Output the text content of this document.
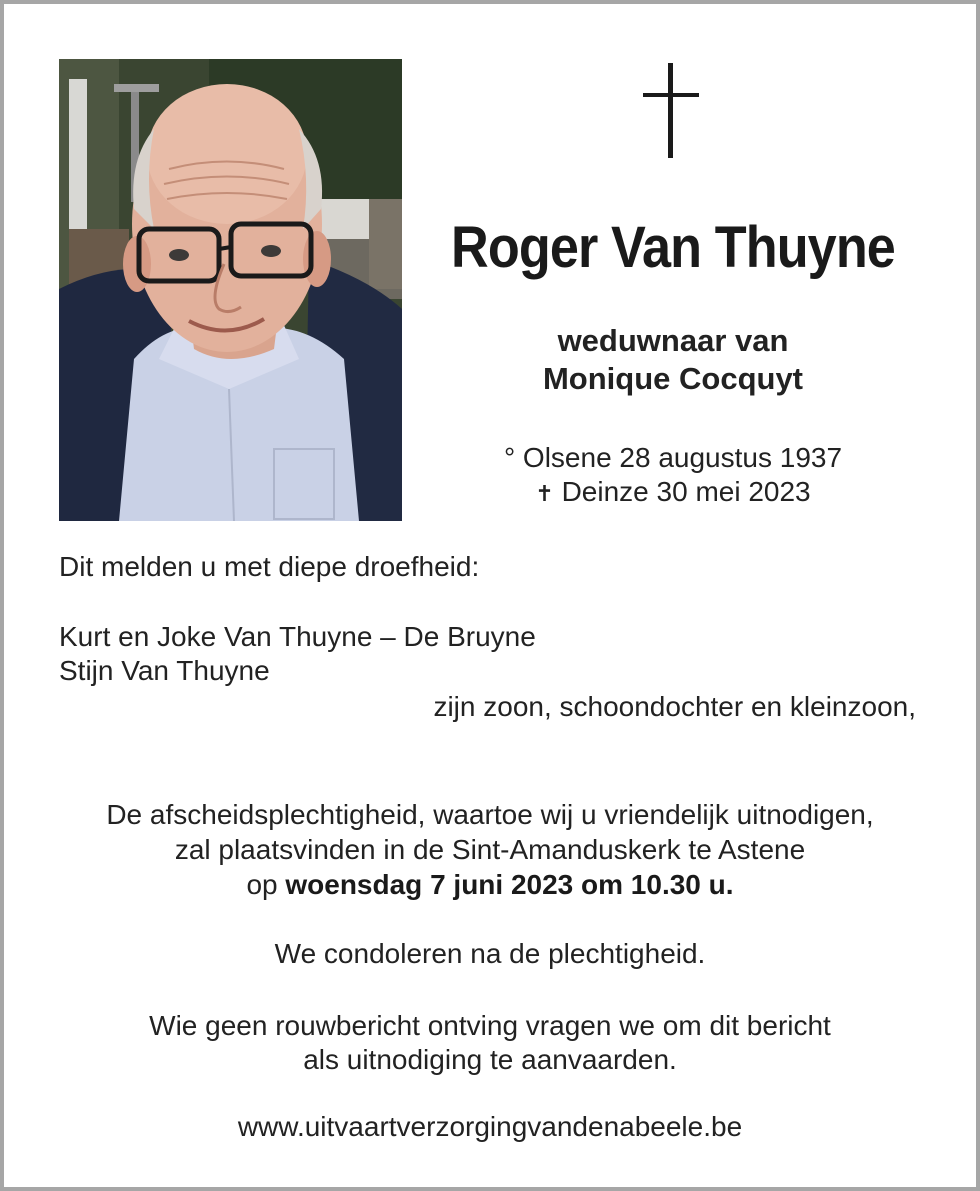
Roger Van Thuyne
weduwnaar van
Monique Cocquyt
° Olsene 28 augustus 1937
✝ Deinze 30 mei 2023
Dit melden u met diepe droefheid:
Kurt en Joke Van Thuyne – De Bruyne
Stijn Van Thuyne
zijn zoon, schoondochter en kleinzoon,
De afscheidsplechtigheid, waartoe wij u vriendelijk uitnodigen,
zal plaatsvinden in de Sint-Amanduskerk te Astene
op woensdag 7 juni 2023 om 10.30 u.
We condoleren na de plechtigheid.
Wie geen rouwbericht ontving vragen we om dit bericht
als uitnodiging te aanvaarden.
www.uitvaartverzorgingvandenabeele.be
